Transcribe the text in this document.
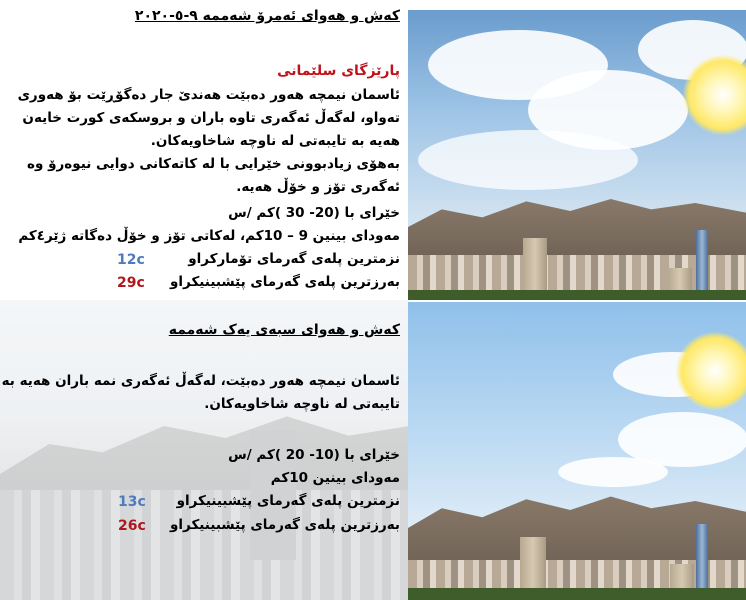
کەش و هەوای ئەمرۆ شەممە ٩-٥-٢٠٢٠
پارێزگای سلێمانی
ئاسمان نیمچە هەور دەبێت هەندێ جار دەگۆڕێت بۆ هەوری تەواو، لەگەڵ ئەگەری تاوە باران و بروسکەی کورت خایەن هەیە بە تایبەتی لە ناوچە شاخاویەکان.
بەهۆی زیادبوونی خێرایی با لە کاتەکانی دوایی نیوەرۆ وە ئەگەری تۆز و خۆڵ هەیە.
خێرای با (20- 30 )کم /س
مەودای بینین 9 – 10کم، لەکاتی تۆز و خۆڵ دەگاتە ژێر٤کم
نزمترین پلەی گەرمای تۆمارکراو
12c
بەرزترین پلەی گەرمای پێشبینیکراو
29c
کەش و هەوای سبەی یەک شەممە
ئاسمان نیمچە هەور دەبێت، لەگەڵ ئەگەری نمە باران هەیە بە تایبەتی لە ناوچە شاخاویەکان.
خێرای با (10- 20 )کم /س
مەودای بینین 10کم
نزمترین پلەی گەرمای پێشبینیکراو
13c
بەرزترین پلەی گەرمای پێشبینیکراو
26c
